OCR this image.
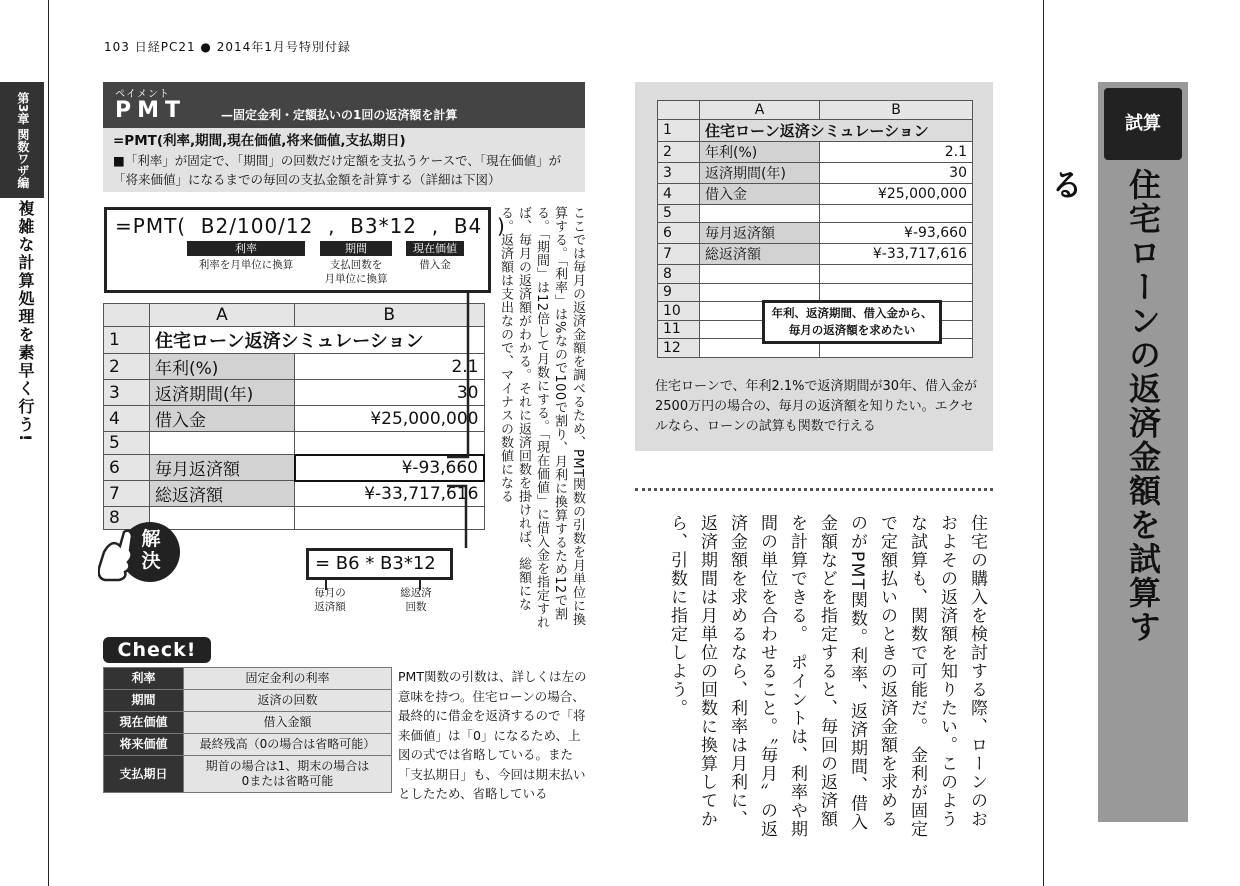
103 日経PC21 ● 2014年1月号特別付録
第3章 関数ワザ編
複雑な計算処理を素早く行う!
ペイメント
PMT	—固定金利・定額払いの1回の返済額を計算
=PMT(利率,期間,現在価値,将来価値,支払期日)
■「利率」が固定で、「期間」の回数だけ定額を支払うケースで、「現在価値」が「将来価値」になるまでの毎回の支払金額を計算する（詳細は下図）
=PMT(  B2/100/12  ,  B3*12  ,  B4  )
利率
利率を月単位に換算
期間
支払回数を
月単位に換算
現在価値
借入金
	A	B
1	住宅ローン返済シミュレーション	
2	年利(%)	2.1
3	返済期間(年)	30
4	借入金	¥25,000,000
5		
6	毎月返済額	¥-93,660
7	総返済額	¥-33,717,616
8		
= B6 * B3*12
毎月の
返済額
総返済
回数
解決	ここでは毎月の返済金額を調べるため、PMT関数の引数を月単位に換算する。「利率」は%なので100で割り、月利に換算するため12で割る。「期間」は12倍して月数にする。「現在価値」に借入金を指定すれば、毎月の返済額がわかる。それに返済回数を掛ければ、総額になる。返済額は支出なので、マイナスの数値になる
Check!
利率	固定金利の利率
期間	返済の回数
現在価値	借入金額
将来価値	最終残高（0の場合は省略可能）
支払期日	期首の場合は1、期末の場合は
0または省略可能
PMT関数の引数は、詳しくは左の意味を持つ。住宅ローンの場合、最終的に借金を返済するので「将来価値」は「0」になるため、上図の式では省略している。また「支払期日」も、今回は期末払いとしたため、省略している
	A	B
1	住宅ローン返済シミュレーション	
2	年利(%)	2.1
3	返済期間(年)	30
4	借入金	¥25,000,000
5		
6	毎月返済額	¥-93,660
7	総返済額	¥-33,717,616
8		
9		
10		
11		
12		
年利、返済期間、借入金から、
毎月の返済額を求めたい
住宅ローンで、年利2.1%で返済期間が30年、借入金が2500万円の場合の、毎月の返済額を知りたい。エクセルなら、ローンの試算も関数で行える
住宅の購入を検討する際、ローンのおおよその返済額を知りたい。このような試算も、関数で可能だ。　金利が固定で定額払いのときの返済金額を求めるのがPMT関数。利率、返済期間、借入金額などを指定すると、毎回の返済額を計算できる。　ポイントは、利率や期間の単位を合わせること。〝毎月〟の返済金額を求めるなら、利率は月利に、返済期間は月単位の回数に換算してから、引数に指定しよう。
試算
住宅ローンの返済金額を試算する
